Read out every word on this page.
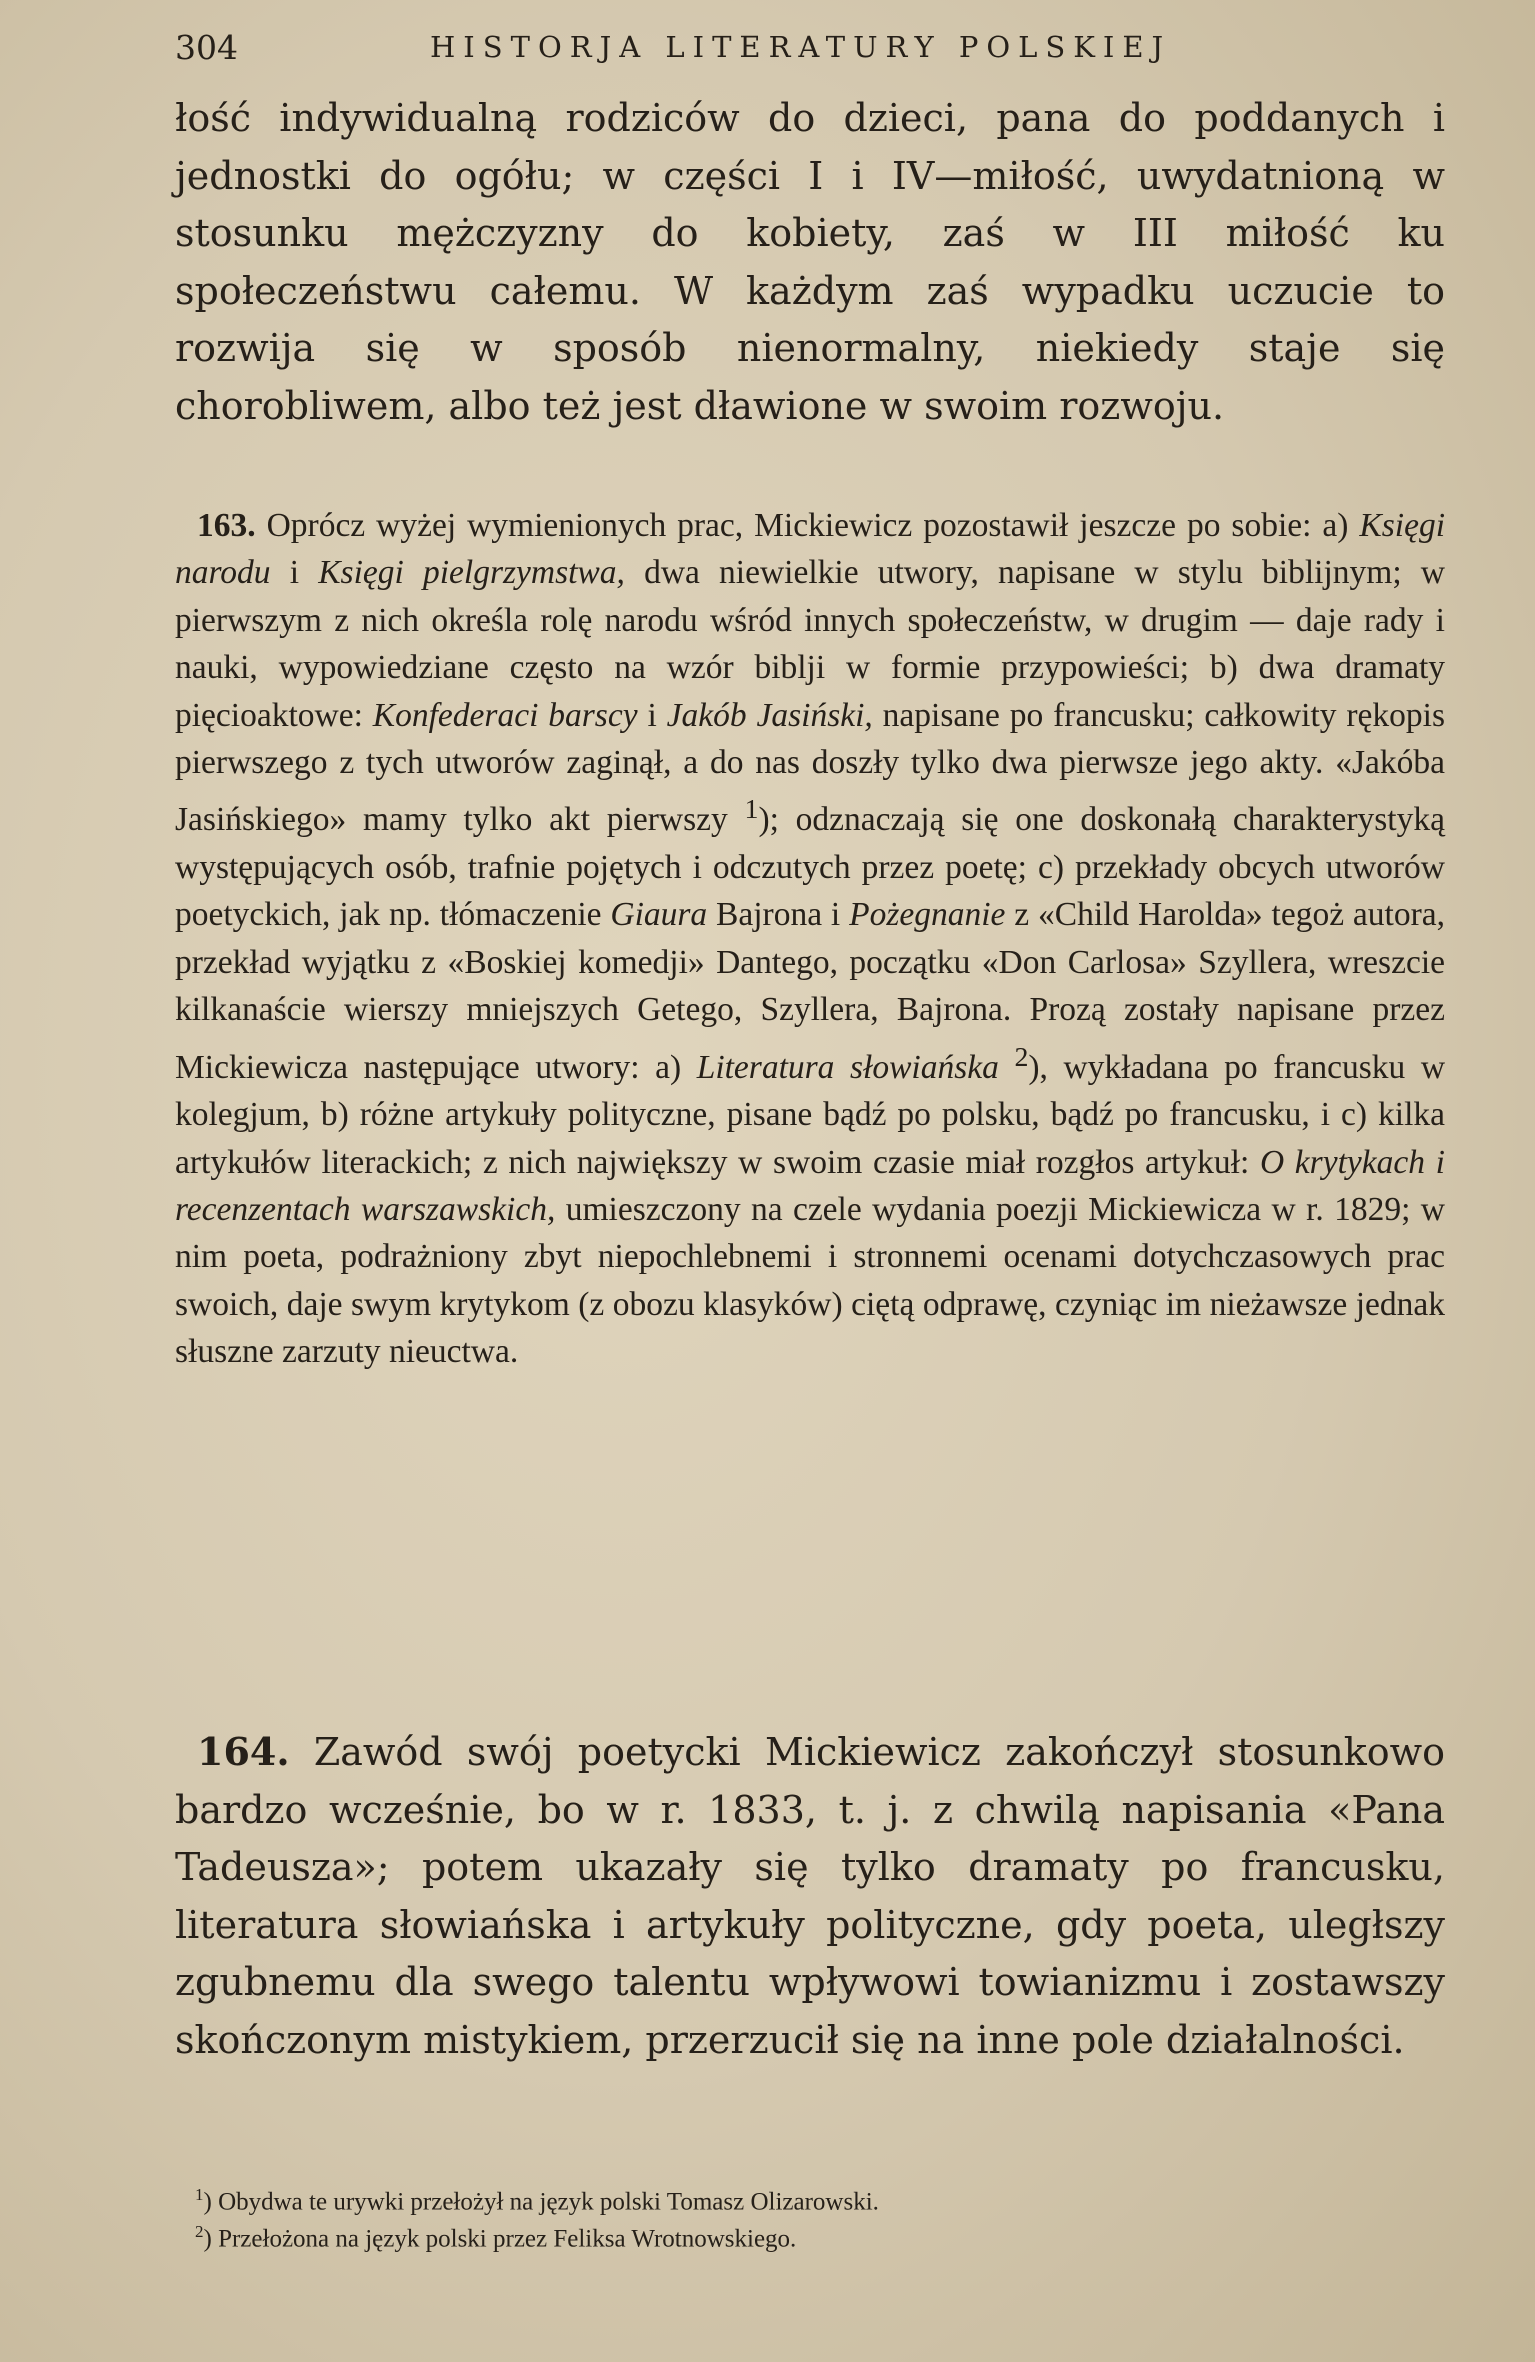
304	HISTORJA LITERATURY POLSKIEJ

łość indywidualną rodziców do dzieci, pana do poddanych i jednostki do ogółu; w części I i IV—miłość, uwydatnioną w stosunku mężczyzny do kobiety, zaś w III miłość ku społeczeństwu całemu. W każdym zaś wypadku uczucie to rozwija się w sposób nienormalny, niekiedy staje się chorobliwem, albo też jest dławione w swoim rozwoju.

163. Oprócz wyżej wymienionych prac, Mickiewicz pozostawił jeszcze po sobie: a) Księgi narodu i Księgi pielgrzymstwa, dwa niewielkie utwory, napisane w stylu biblijnym; w pierwszym z nich określa rolę narodu wśród innych społeczeństw, w drugim — daje rady i nauki, wypowiedziane często na wzór biblji w formie przypowieści; b) dwa dramaty pięcioaktowe: Konfederaci barscy i Jakób Jasiński, napisane po francusku; całkowity rękopis pierwszego z tych utworów zaginął, a do nas doszły tylko dwa pierwsze jego akty. «Jakóba Jasińskiego» mamy tylko akt pierwszy $^1$); odznaczają się one doskonałą charakterystyką występujących osób, trafnie pojętych i odczutych przez poetę; c) przekłady obcych utworów poetyckich, jak np. tłómaczenie Giaura Bajrona i Pożegnanie z «Child Harolda» tegoż autora, przekład wyjątku z «Boskiej komedji» Dantego, początku «Don Carlosa» Szyllera, wreszcie kilkanaście wierszy mniejszych Getego, Szyllera, Bajrona. Prozą zostały napisane przez Mickiewicza następujące utwory: a) Literatura słowiańska $^2$), wykładana po francusku w kolegjum, b) różne artykuły polityczne, pisane bądź po polsku, bądź po francusku, i c) kilka artykułów literackich; z nich największy w swoim czasie miał rozgłos artykuł: O krytykach i recenzentach warszawskich, umieszczony na czele wydania poezji Mickiewicza w r. 1829; w nim poeta, podrażniony zbyt niepochlebnemi i stronnemi ocenami dotychczasowych prac swoich, daje swym krytykom (z obozu klasyków) ciętą odprawę, czyniąc im nieżawsze jednak słuszne zarzuty nieuctwa.

164. Zawód swój poetycki Mickiewicz zakończył stosunkowo bardzo wcześnie, bo w r. 1833, t. j. z chwilą napisania «Pana Tadeusza»; potem ukazały się tylko dramaty po francusku, literatura słowiańska i artykuły polityczne, gdy poeta, uległszy zgubnemu dla swego talentu wpływowi towianizmu i zostawszy skończonym mistykiem, przerzucił się na inne pole działalności.

$^1$) Obydwa te urywki przełożył na język polski Tomasz Olizarowski.

$^2$) Przełożona na język polski przez Feliksa Wrotnowskiego.
